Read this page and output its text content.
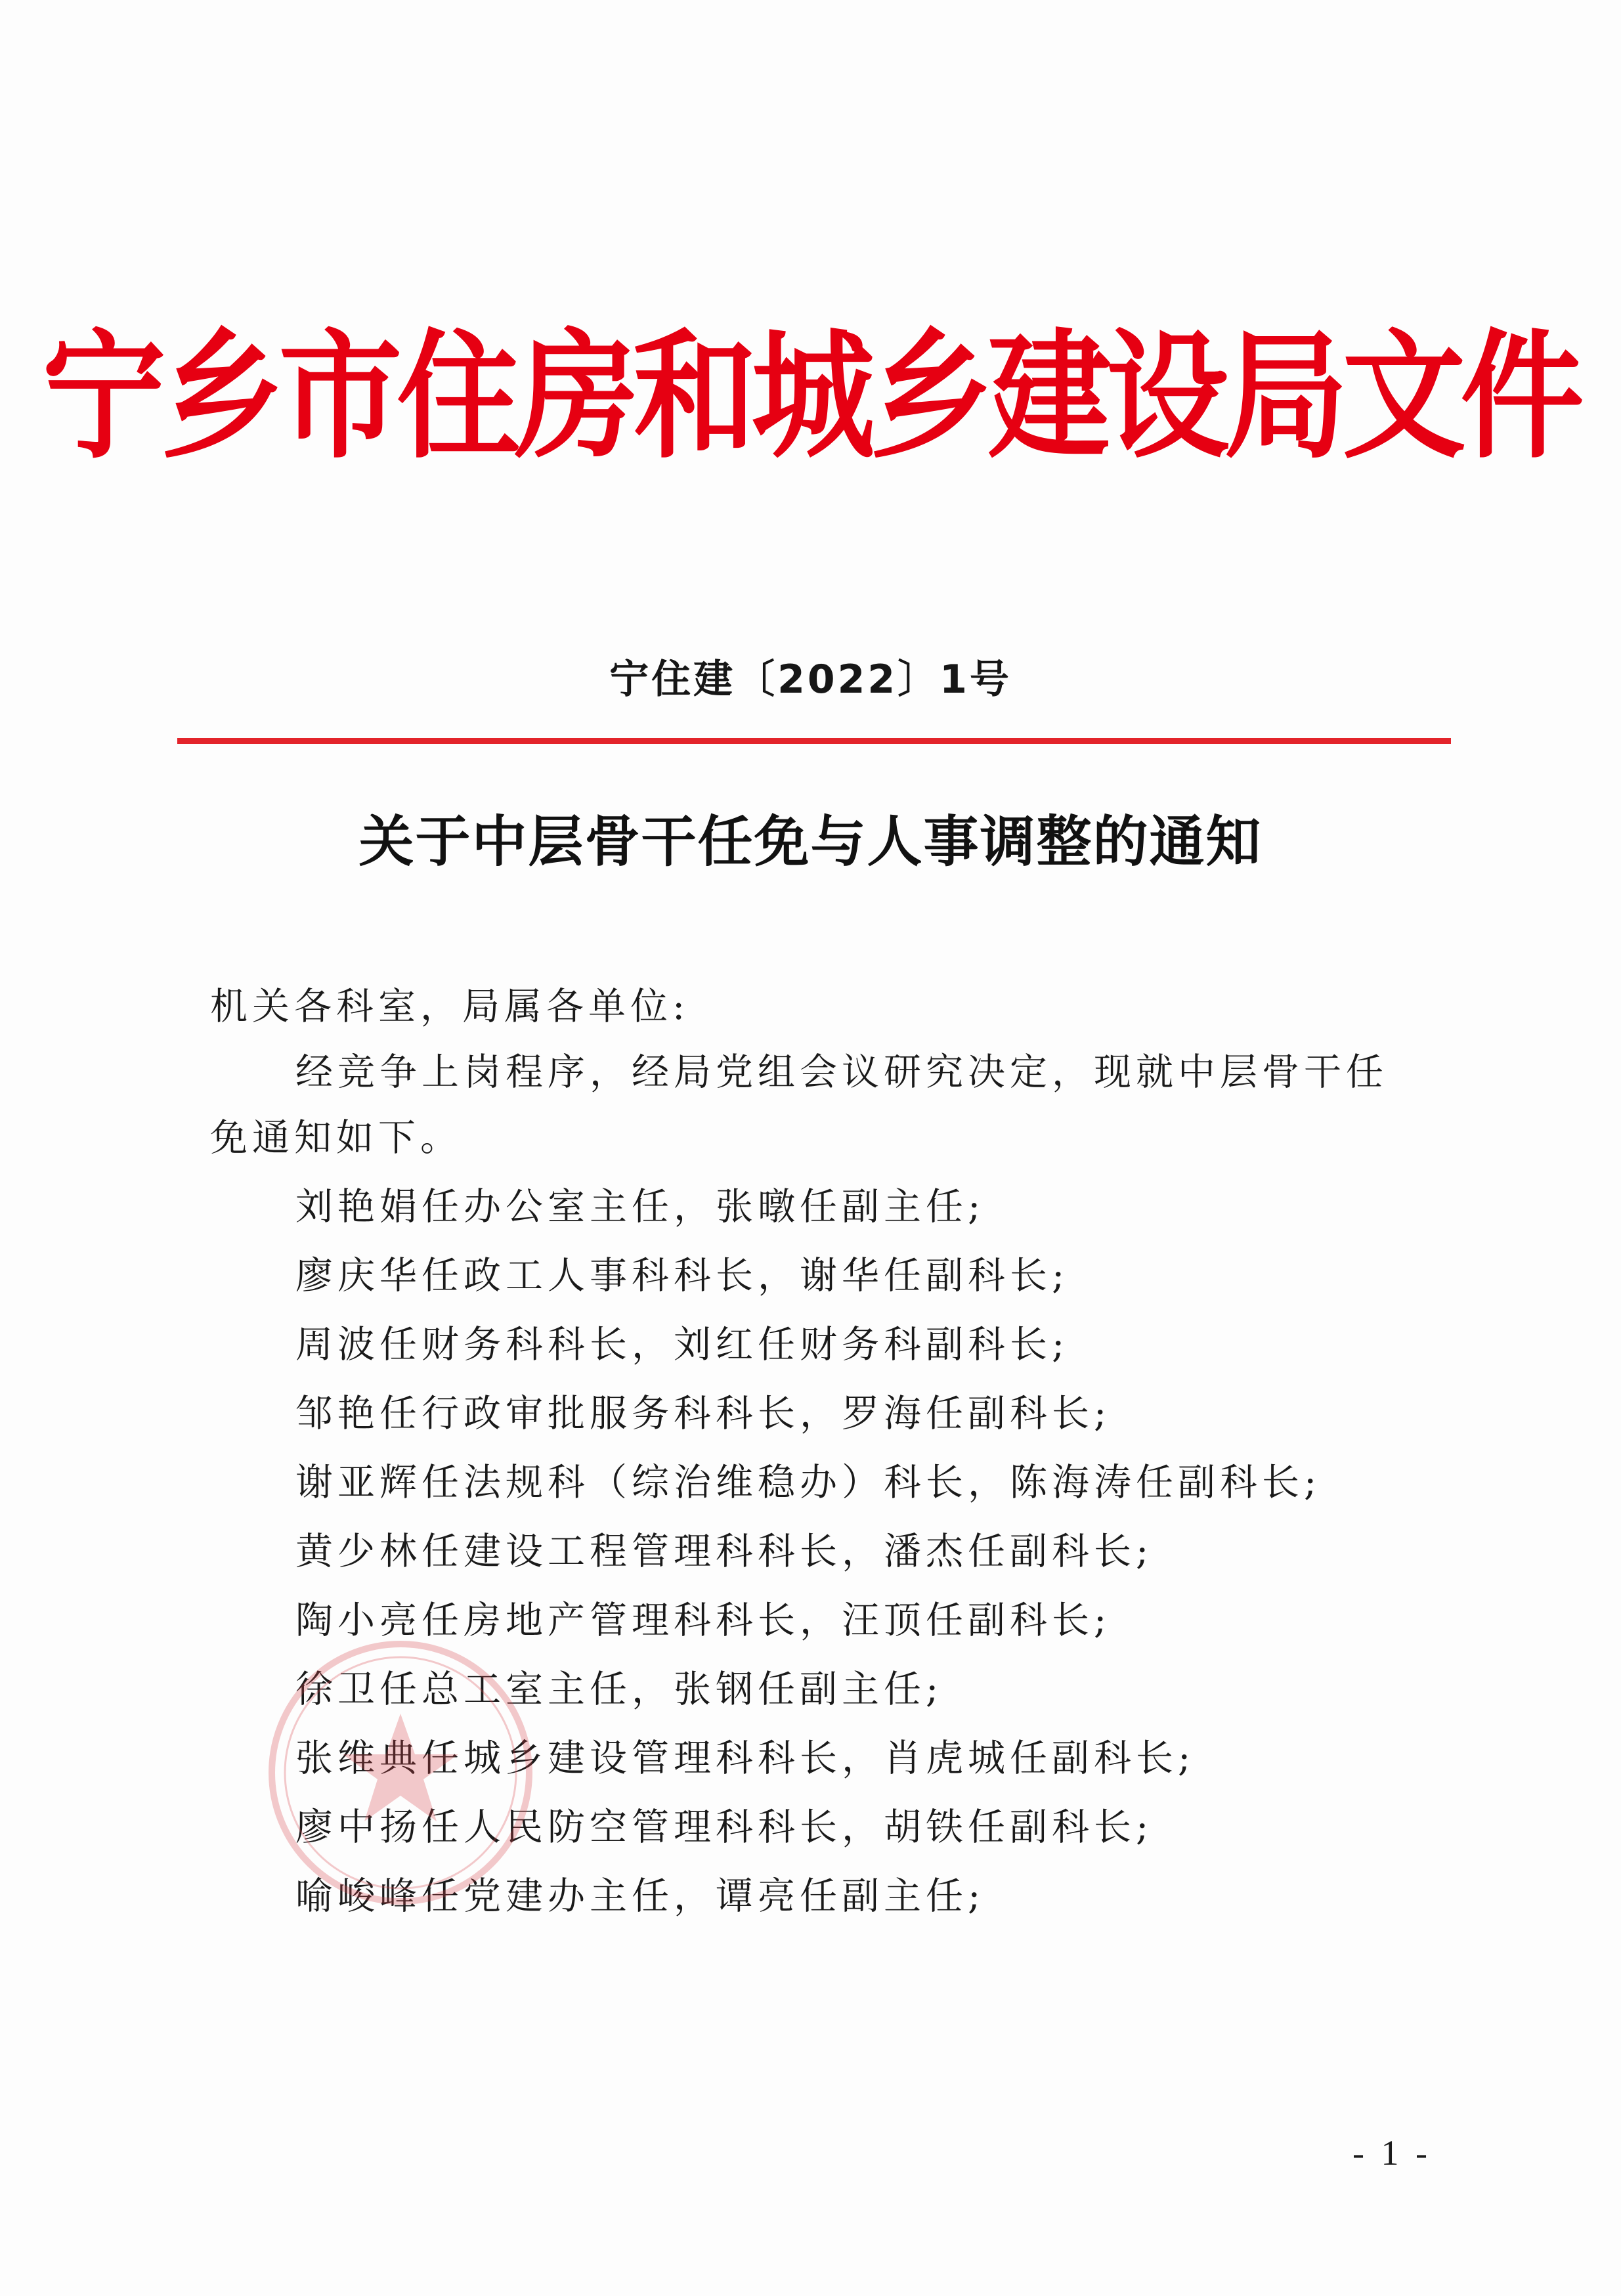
宁乡市住房和城乡建设局文件
宁住建〔2022〕1号
关于中层骨干任免与人事调整的通知
机关各科室，局属各单位:
经竞争上岗程序，经局党组会议研究决定，现就中层骨干任
免通知如下。
刘艳娟任办公室主任，张暾任副主任;
廖庆华任政工人事科科长，谢华任副科长;
周波任财务科科长，刘红任财务科副科长;
邹艳任行政审批服务科科长，罗海任副科长;
谢亚辉任法规科（综治维稳办）科长，陈海涛任副科长;
黄少林任建设工程管理科科长，潘杰任副科长;
陶小亮任房地产管理科科长，汪顶任副科长;
徐卫任总工室主任，张钢任副主任;
张维典任城乡建设管理科科长，肖虎城任副科长;
廖中扬任人民防空管理科科长，胡铁任副科长;
喻峻峰任党建办主任，谭亮任副主任;
- 1 -
